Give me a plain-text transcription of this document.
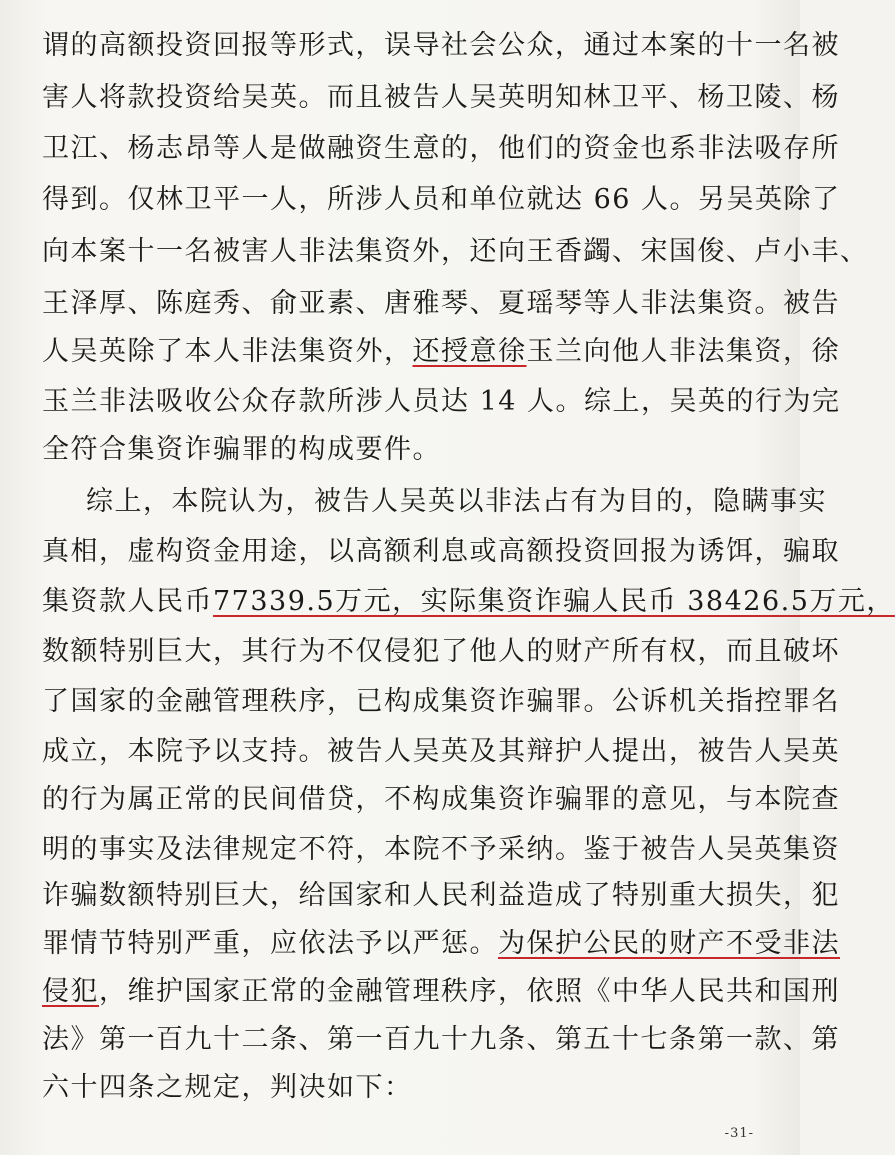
谓的高额投资回报等形式，误导社会公众，通过本案的十一名被
害人将款投资给吴英。而且被告人吴英明知林卫平、杨卫陵、杨
卫江、杨志昂等人是做融资生意的，他们的资金也系非法吸存所
得到。仅林卫平一人，所涉人员和单位就达 66 人。另吴英除了
向本案十一名被害人非法集资外，还向王香蠲、宋国俊、卢小丰、
王泽厚、陈庭秀、俞亚素、唐雅琴、夏瑶琴等人非法集资。被告
人吴英除了本人非法集资外，还授意徐玉兰向他人非法集资，徐
玉兰非法吸收公众存款所涉人员达 14 人。综上，吴英的行为完
全符合集资诈骗罪的构成要件。
综上，本院认为，被告人吴英以非法占有为目的，隐瞒事实
真相，虚构资金用途，以高额利息或高额投资回报为诱饵，骗取
集资款人民币77339.5万元，实际集资诈骗人民币 38426.5万元，
数额特别巨大，其行为不仅侵犯了他人的财产所有权，而且破坏
了国家的金融管理秩序，已构成集资诈骗罪。公诉机关指控罪名
成立，本院予以支持。被告人吴英及其辩护人提出，被告人吴英
的行为属正常的民间借贷，不构成集资诈骗罪的意见，与本院查
明的事实及法律规定不符，本院不予采纳。鉴于被告人吴英集资
诈骗数额特别巨大，给国家和人民利益造成了特别重大损失，犯
罪情节特别严重，应依法予以严惩。为保护公民的财产不受非法
侵犯，维护国家正常的金融管理秩序，依照《中华人民共和国刑
法》第一百九十二条、第一百九十九条、第五十七条第一款、第
六十四条之规定，判决如下：
-31-
